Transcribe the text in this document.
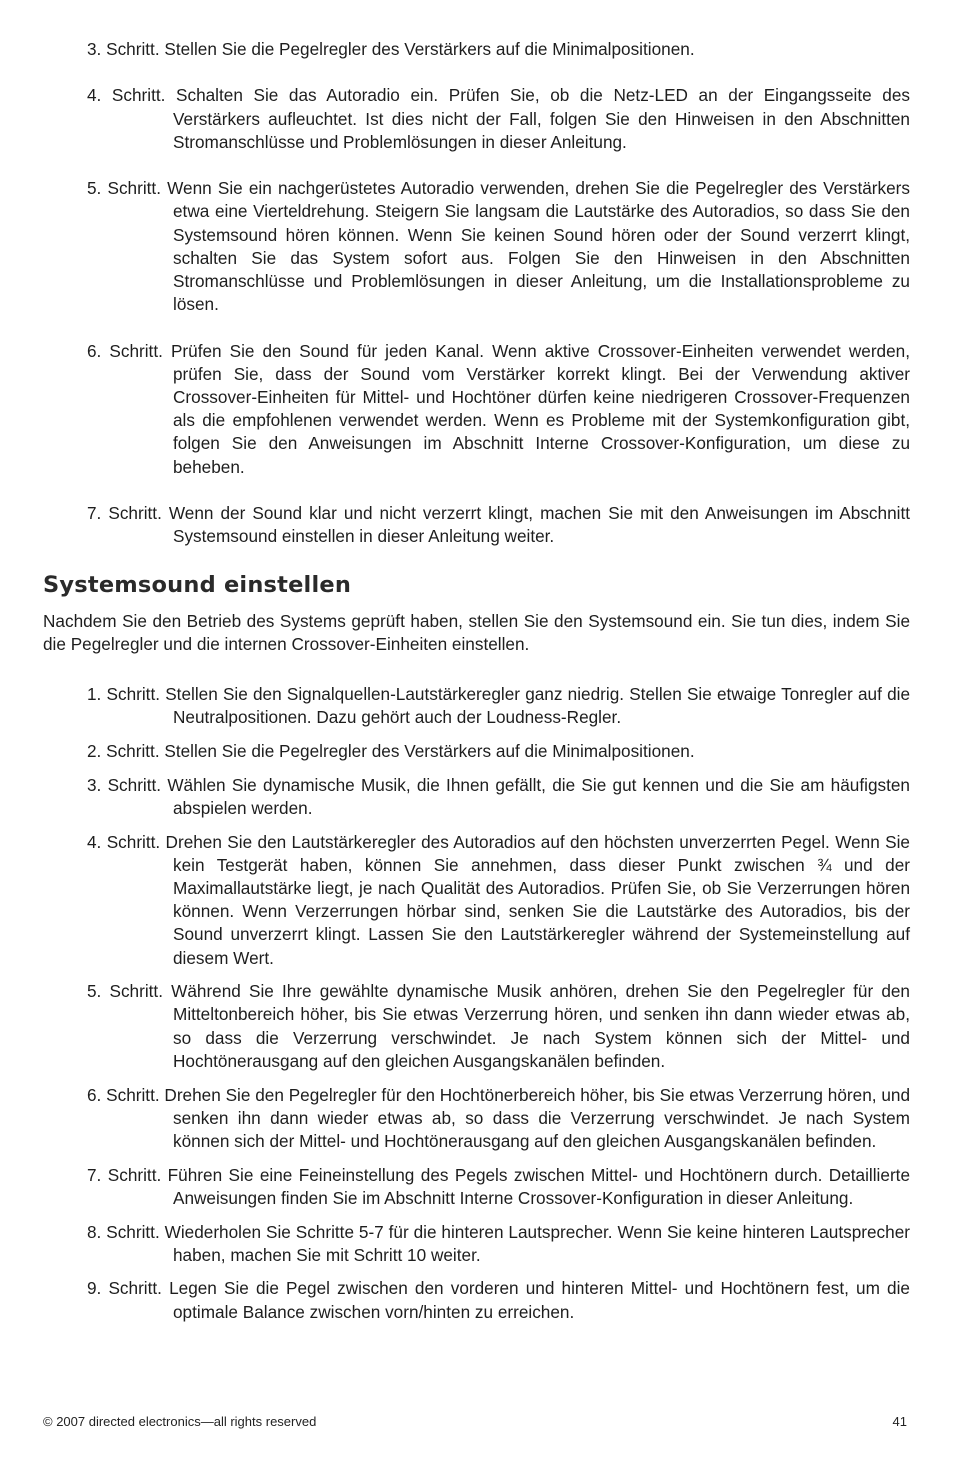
3. Schritt. Stellen Sie die Pegelregler des Verstärkers auf die Minimalpositionen.
4. Schritt. Schalten Sie das Autoradio ein. Prüfen Sie, ob die Netz-LED an der Eingangsseite des Verstärkers aufleuchtet. Ist dies nicht der Fall, folgen Sie den Hinweisen in den Abschnitten Stromanschlüsse und Problemlösungen in dieser Anleitung.
5. Schritt. Wenn Sie ein nachgerüstetes Autoradio verwenden, drehen Sie die Pegelregler des Verstärkers etwa eine Vierteldrehung. Steigern Sie langsam die Lautstärke des Autoradios, so dass Sie den Systemsound hören können. Wenn Sie keinen Sound hören oder der Sound verzerrt klingt, schalten Sie das System sofort aus. Folgen Sie den Hinweisen in den Abschnitten Stromanschlüsse und Problemlösungen in dieser Anleitung, um die Installationsprobleme zu lösen.
6. Schritt. Prüfen Sie den Sound für jeden Kanal. Wenn aktive Crossover-Einheiten verwendet werden, prüfen Sie, dass der Sound vom Verstärker korrekt klingt. Bei der Verwendung aktiver Crossover-Einheiten für Mittel- und Hochtöner dürfen keine niedrigeren Crossover-Frequenzen als die empfohlenen verwendet werden. Wenn es Probleme mit der Systemkonfiguration gibt, folgen Sie den Anweisungen im Abschnitt Interne Crossover-Konfiguration, um diese zu beheben.
7. Schritt. Wenn der Sound klar und nicht verzerrt klingt, machen Sie mit den Anweisungen im Abschnitt Systemsound einstellen in dieser Anleitung weiter.
Systemsound einstellen

Nachdem Sie den Betrieb des Systems geprüft haben, stellen Sie den Systemsound ein. Sie tun dies, indem Sie die Pegelregler und die internen Crossover-Einheiten einstellen.

1. Schritt. Stellen Sie den Signalquellen-Lautstärkeregler ganz niedrig. Stellen Sie etwaige Tonregler auf die Neutralpositionen. Dazu gehört auch der Loudness-Regler.
2. Schritt. Stellen Sie die Pegelregler des Verstärkers auf die Minimalpositionen.
3. Schritt. Wählen Sie dynamische Musik, die Ihnen gefällt, die Sie gut kennen und die Sie am häufigsten abspielen werden.
4. Schritt. Drehen Sie den Lautstärkeregler des Autoradios auf den höchsten unverzerrten Pegel. Wenn Sie kein Testgerät haben, können Sie annehmen, dass dieser Punkt zwischen ¾ und der Maximallautstärke liegt, je nach Qualität des Autoradios. Prüfen Sie, ob Sie Verzerrungen hören können. Wenn Verzerrungen hörbar sind, senken Sie die Lautstärke des Autoradios, bis der Sound unverzerrt klingt. Lassen Sie den Lautstärkeregler während der Systemeinstellung auf diesem Wert.
5. Schritt. Während Sie Ihre gewählte dynamische Musik anhören, drehen Sie den Pegelregler für den Mitteltonbereich höher, bis Sie etwas Verzerrung hören, und senken ihn dann wieder etwas ab, so dass die Verzerrung verschwindet. Je nach System können sich der Mittel- und Hochtönerausgang auf den gleichen Ausgangskanälen befinden.
6. Schritt. Drehen Sie den Pegelregler für den Hochtönerbereich höher, bis Sie etwas Verzerrung hören, und senken ihn dann wieder etwas ab, so dass die Verzerrung verschwindet. Je nach System können sich der Mittel- und Hochtönerausgang auf den gleichen Ausgangskanälen befinden.
7. Schritt. Führen Sie eine Feineinstellung des Pegels zwischen Mittel- und Hochtönern durch. Detaillierte Anweisungen finden Sie im Abschnitt Interne Crossover-Konfiguration in dieser Anleitung.
8. Schritt. Wiederholen Sie Schritte 5-7 für die hinteren Lautsprecher. Wenn Sie keine hinteren Lautsprecher haben, machen Sie mit Schritt 10 weiter.
9. Schritt. Legen Sie die Pegel zwischen den vorderen und hinteren Mittel- und Hochtönern fest, um die optimale Balance zwischen vorn/hinten zu erreichen.
© 2007 directed electronics—all rights reserved	41
